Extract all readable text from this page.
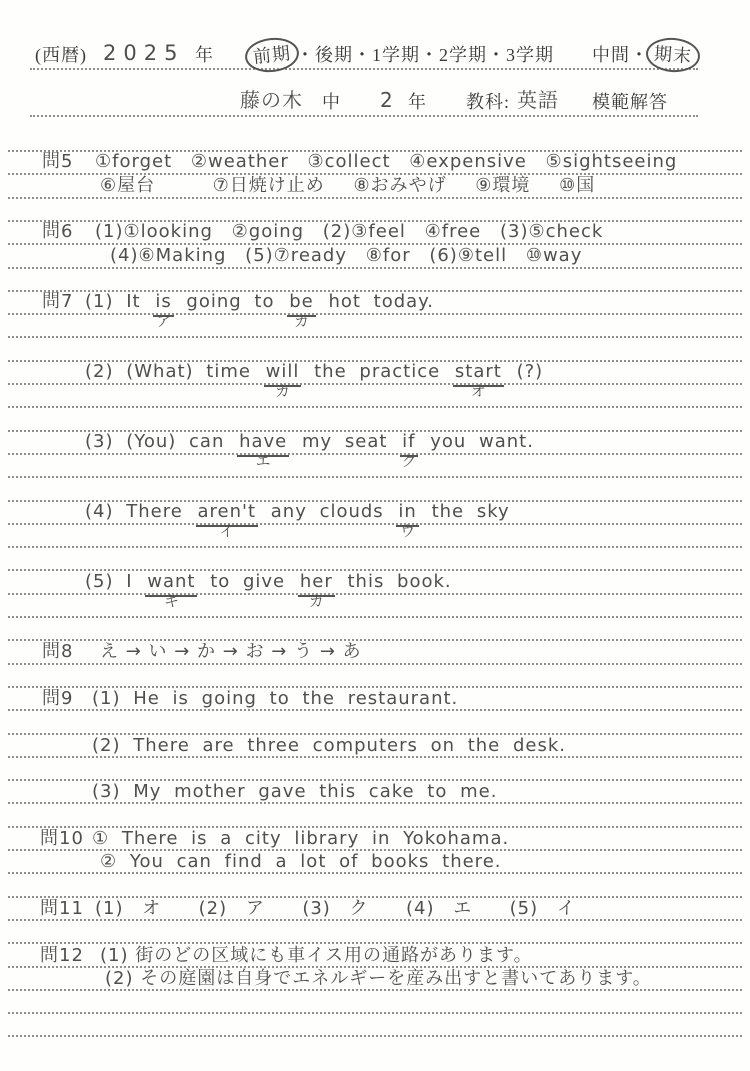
(西暦) 2025 年 前期 ・後期・1学期・2学期・3学期 中間・ 期末
藤の木 中 2 年 教科: 英語 模範解答
問5 ①forget ②weather ③collect ④expensive ⑤sightseeing
⑥屋台  ⑦日焼け止め ⑧おみやげ ⑨環境 ⑩国
問6 (1)①looking ②going (2)③feel ④free (3)⑤check
(4)⑥Making (5)⑦ready ⑧for (6)⑨tell ⑩way
問7 (1) It is
ア
going to be
カ
hot today.
(2) (What) time will
カ
the practice start
オ
(?)
(3) (You) can have
エ
my seat if
ク
you want.
(4) There aren't
イ
any clouds in
ウ
the sky
(5) I want
キ
to give her
カ
this book.
問8 え → い → か → お → う → あ
問9 (1) He is going to the restaurant.
(2) There are three computers on the desk.
(3) My mother gave this cake to me.
問10 ① There is a city library in Yokohama.
② You can find a lot of books there.
問11 (1) オ  (2) ア  (3) ク  (4) エ  (5) イ
問12 (1) 街のどの区域にも車イス用の通路があります。
(2) その庭園は自身でエネルギーを産み出すと書いてあります。
